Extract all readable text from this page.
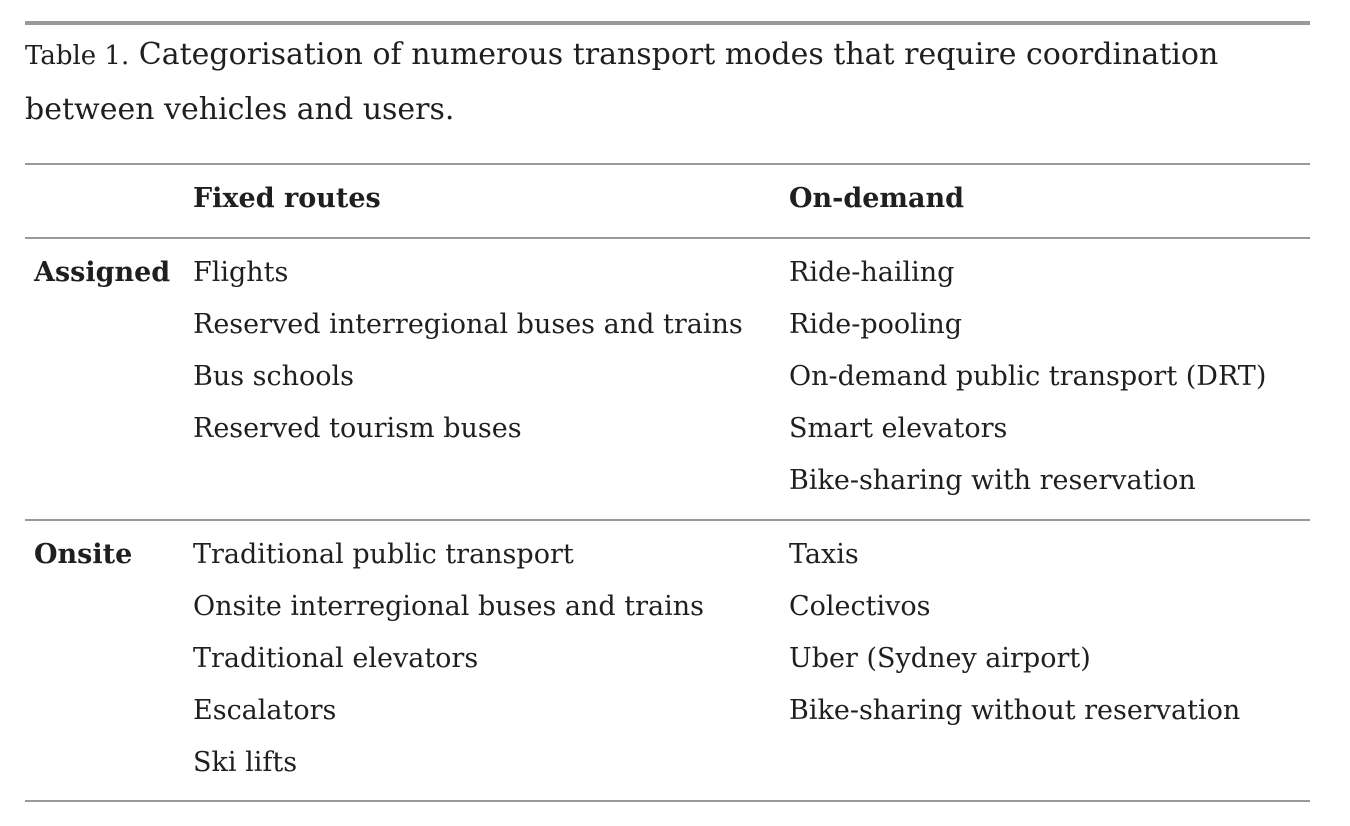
Table 1. Categorisation of numerous transport modes that require coordination between vehicles and users.
Fixed routes	On-demand
Assigned Flights
Reserved interregional buses and trains
Bus schools
Reserved tourism buses
Ride-hailing
Ride-pooling
On-demand public transport (DRT)
Smart elevators
Bike-sharing with reservation
Onsite Traditional public transport
Onsite interregional buses and trains
Traditional elevators
Escalators
Ski lifts
Taxis
Colectivos
Uber (Sydney airport)
Bike-sharing without reservation
